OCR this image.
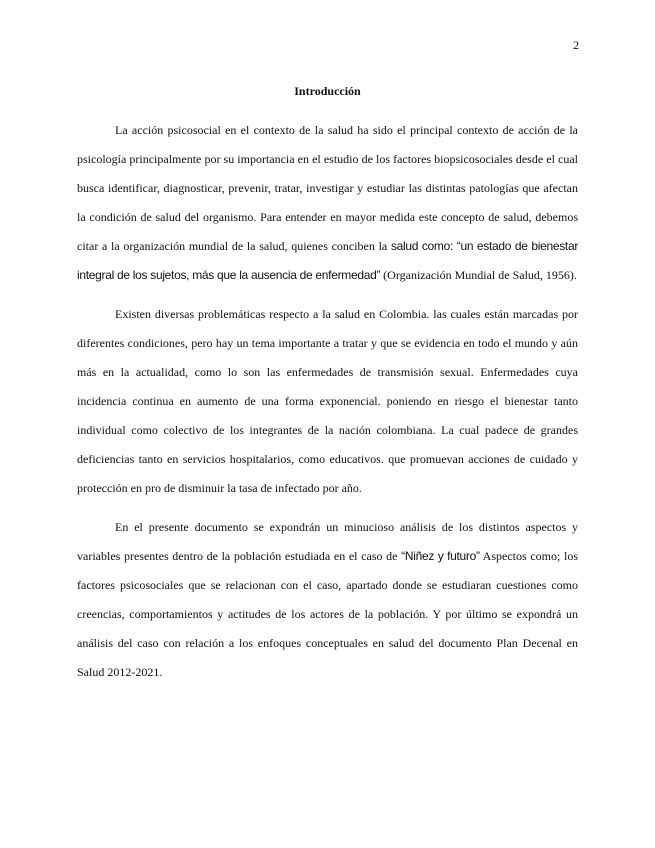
2
Introducción

La acción psicosocial en el contexto de la salud ha sido el principal contexto de acción de la psicología principalmente por su importancia en el estudio de los factores biopsicosociales desde el cual busca identificar, diagnosticar, prevenir, tratar, investigar y estudiar las distintas patologías que afectan la condición de salud del organismo. Para entender en mayor medida este concepto de salud, debemos citar a la organización mundial de la salud, quienes conciben la salud como: “un estado de bienestar integral de los sujetos, más que la ausencia de enfermedad” (Organización Mundial de Salud, 1956).

Existen diversas problemáticas respecto a la salud en Colombia. las cuales están marcadas por diferentes condiciones, pero hay un tema importante a tratar y que se evidencia en todo el mundo y aún más en la actualidad, como lo son las enfermedades de transmisión sexual. Enfermedades cuya incidencia continua en aumento de una forma exponencial. poniendo en riesgo el bienestar tanto individual como colectivo de los integrantes de la nación colombiana. La cual padece de grandes deficiencias tanto en servicios hospitalarios, como educativos. que promuevan acciones de cuidado y protección en pro de disminuir la tasa de infectado por año.

En el presente documento se expondrán un minucioso análisis de los distintos aspectos y variables presentes dentro de la población estudiada en el caso de “Niñez y futuro” Aspectos como; los factores psicosociales que se relacionan con el caso, apartado donde se estudiaran cuestiones como creencias, comportamientos y actitudes de los actores de la población. Y por último se expondrá un análisis del caso con relación a los enfoques conceptuales en salud del documento Plan Decenal en Salud 2012-2021.
